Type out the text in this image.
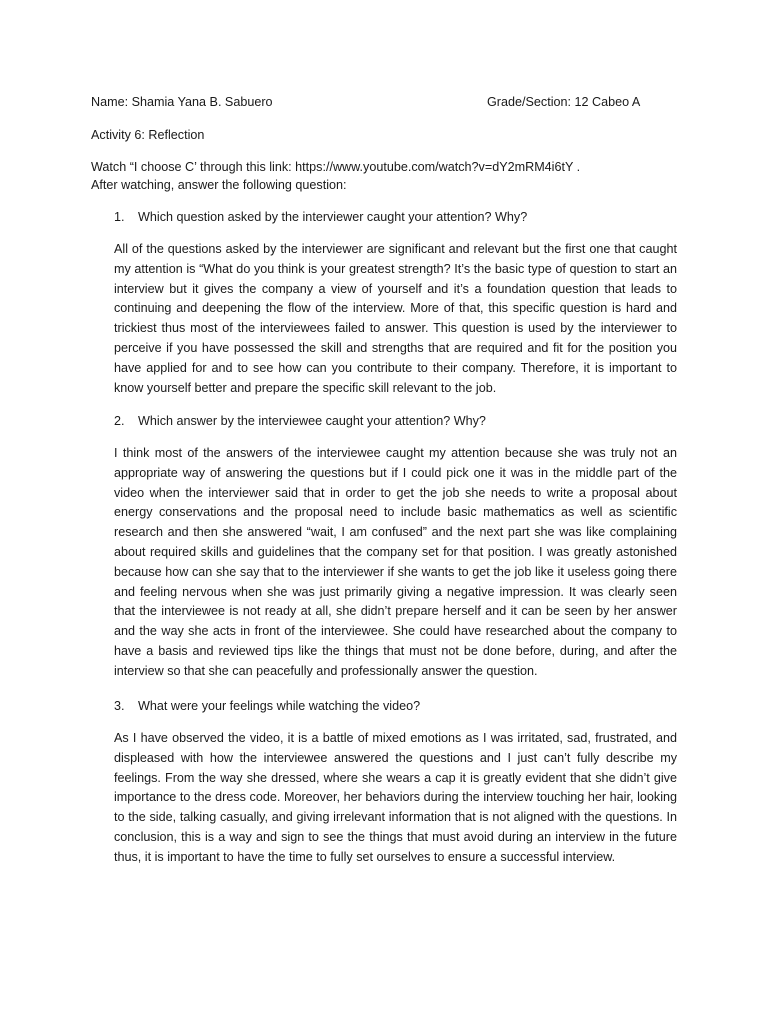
Name: Shamia Yana B. Sabuero	Grade/Section: 12 Cabeo A
Activity 6: Reflection
Watch “I choose C’ through this link: https://www.youtube.com/watch?v=dY2mRM4i6tY .
After watching, answer the following question:
1. Which question asked by the interviewer caught your attention? Why?
All of the questions asked by the interviewer are significant and relevant but the first one that caught my attention is “What do you think is your greatest strength? It’s the basic type of question to start an interview but it gives the company a view of yourself and it’s a foundation question that leads to continuing and deepening the flow of the interview. More of that, this specific question is hard and trickiest thus most of the interviewees failed to answer. This question is used by the interviewer to perceive if you have possessed the skill and strengths that are required and fit for the position you have applied for and to see how can you contribute to their company. Therefore, it is important to know yourself better and prepare the specific skill relevant to the job.
2. Which answer by the interviewee caught your attention? Why?
I think most of the answers of the interviewee caught my attention because she was truly not an appropriate way of answering the questions but if I could pick one it was in the middle part of the video when the interviewer said that in order to get the job she needs to write a proposal about energy conservations and the proposal need to include basic mathematics as well as scientific research and then she answered “wait, I am confused” and the next part she was like complaining about required skills and guidelines that the company set for that position. I was greatly astonished because how can she say that to the interviewer if she wants to get the job like it useless going there and feeling nervous when she was just primarily giving a negative impression. It was clearly seen that the interviewee is not ready at all, she didn’t prepare herself and it can be seen by her answer and the way she acts in front of the interviewee. She could have researched about the company to have a basis and reviewed tips like the things that must not be done before, during, and after the interview so that she can peacefully and professionally answer the question.
3. What were your feelings while watching the video?
As I have observed the video, it is a battle of mixed emotions as I was irritated, sad, frustrated, and displeased with how the interviewee answered the questions and I just can’t fully describe my feelings. From the way she dressed, where she wears a cap it is greatly evident that she didn’t give importance to the dress code. Moreover, her behaviors during the interview touching her hair, looking to the side, talking casually, and giving irrelevant information that is not aligned with the questions. In conclusion, this is a way and sign to see the things that must avoid during an interview in the future thus, it is important to have the time to fully set ourselves to ensure a successful interview.
